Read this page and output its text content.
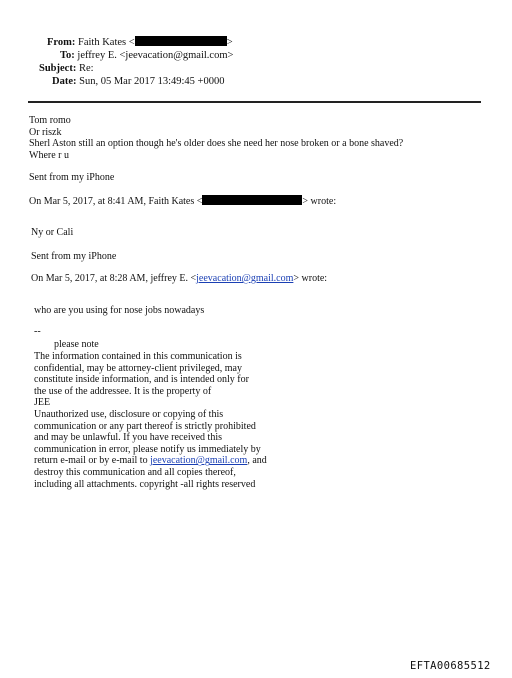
From: Faith Kates <	>
To: jeffrey E. <jeevacation@gmail.com>
Subject: Re:
Date: Sun, 05 Mar 2017 13:49:45 +0000
Tom romo
Or riszk
Sherl Aston still an option though he's older does she need her nose broken or a bone shaved?
Where r u
Sent from my iPhone
On Mar 5, 2017, at 8:41 AM, Faith Kates <	> wrote:
Ny or Cali
Sent from my iPhone
On Mar 5, 2017, at 8:28 AM, jeffrey E. <jeevacation@gmail.com> wrote:
who are you using for nose jobs nowadays
--
please note
The information contained in this communication is
confidential, may be attorney-client privileged, may
constitute inside information, and is intended only for
the use of the addressee. It is the property of
JEE
Unauthorized use, disclosure or copying of this
communication or any part thereof is strictly prohibited
and may be unlawful. If you have received this
communication in error, please notify us immediately by
return e-mail or by e-mail to jeevacation@gmail.com, and
destroy this communication and all copies thereof,
including all attachments. copyright -all rights reserved
EFTA00685512
